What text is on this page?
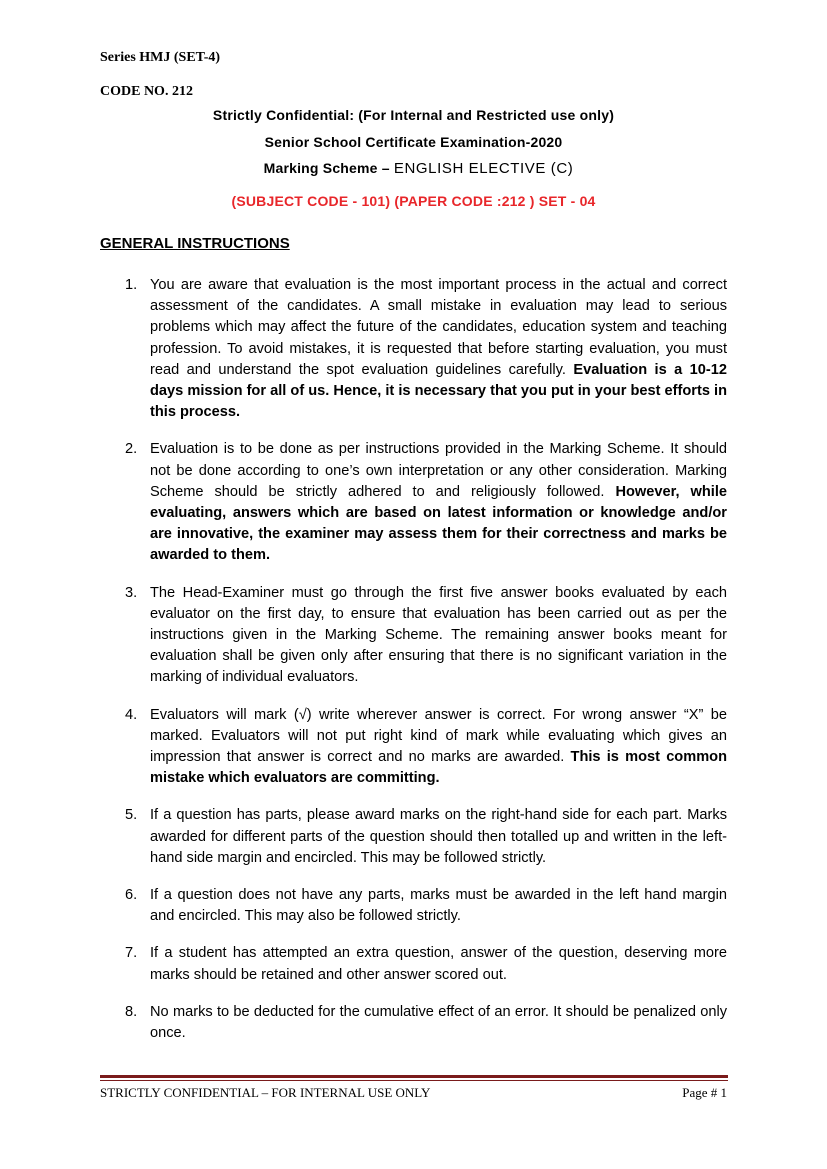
Series HMJ (SET-4)
CODE NO. 212
Strictly Confidential: (For Internal and Restricted use only)
Senior School Certificate Examination-2020
Marking Scheme – ENGLISH ELECTIVE (C)
(SUBJECT CODE - 101) (PAPER CODE :212 ) SET - 04
GENERAL INSTRUCTIONS
1. You are aware that evaluation is the most important process in the actual and correct assessment of the candidates. A small mistake in evaluation may lead to serious problems which may affect the future of the candidates, education system and teaching profession. To avoid mistakes, it is requested that before starting evaluation, you must read and understand the spot evaluation guidelines carefully. Evaluation is a 10-12 days mission for all of us. Hence, it is necessary that you put in your best efforts in this process.
2. Evaluation is to be done as per instructions provided in the Marking Scheme. It should not be done according to one’s own interpretation or any other consideration. Marking Scheme should be strictly adhered to and religiously followed. However, while evaluating, answers which are based on latest information or knowledge and/or are innovative, the examiner may assess them for their correctness and marks be awarded to them.
3. The Head-Examiner must go through the first five answer books evaluated by each evaluator on the first day, to ensure that evaluation has been carried out as per the instructions given in the Marking Scheme. The remaining answer books meant for evaluation shall be given only after ensuring that there is no significant variation in the marking of individual evaluators.
4. Evaluators will mark (√) write wherever answer is correct. For wrong answer “X” be marked. Evaluators will not put right kind of mark while evaluating which gives an impression that answer is correct and no marks are awarded. This is most common mistake which evaluators are committing.
5. If a question has parts, please award marks on the right-hand side for each part. Marks awarded for different parts of the question should then totalled up and written in the left-hand side margin and encircled. This may be followed strictly.
6. If a question does not have any parts, marks must be awarded in the left hand margin and encircled. This may also be followed strictly.
7. If a student has attempted an extra question, answer of the question, deserving more marks should be retained and other answer scored out.
8. No marks to be deducted for the cumulative effect of an error. It should be penalized only once.
STRICTLY CONFIDENTIAL – FOR INTERNAL USE ONLY	Page # 1
